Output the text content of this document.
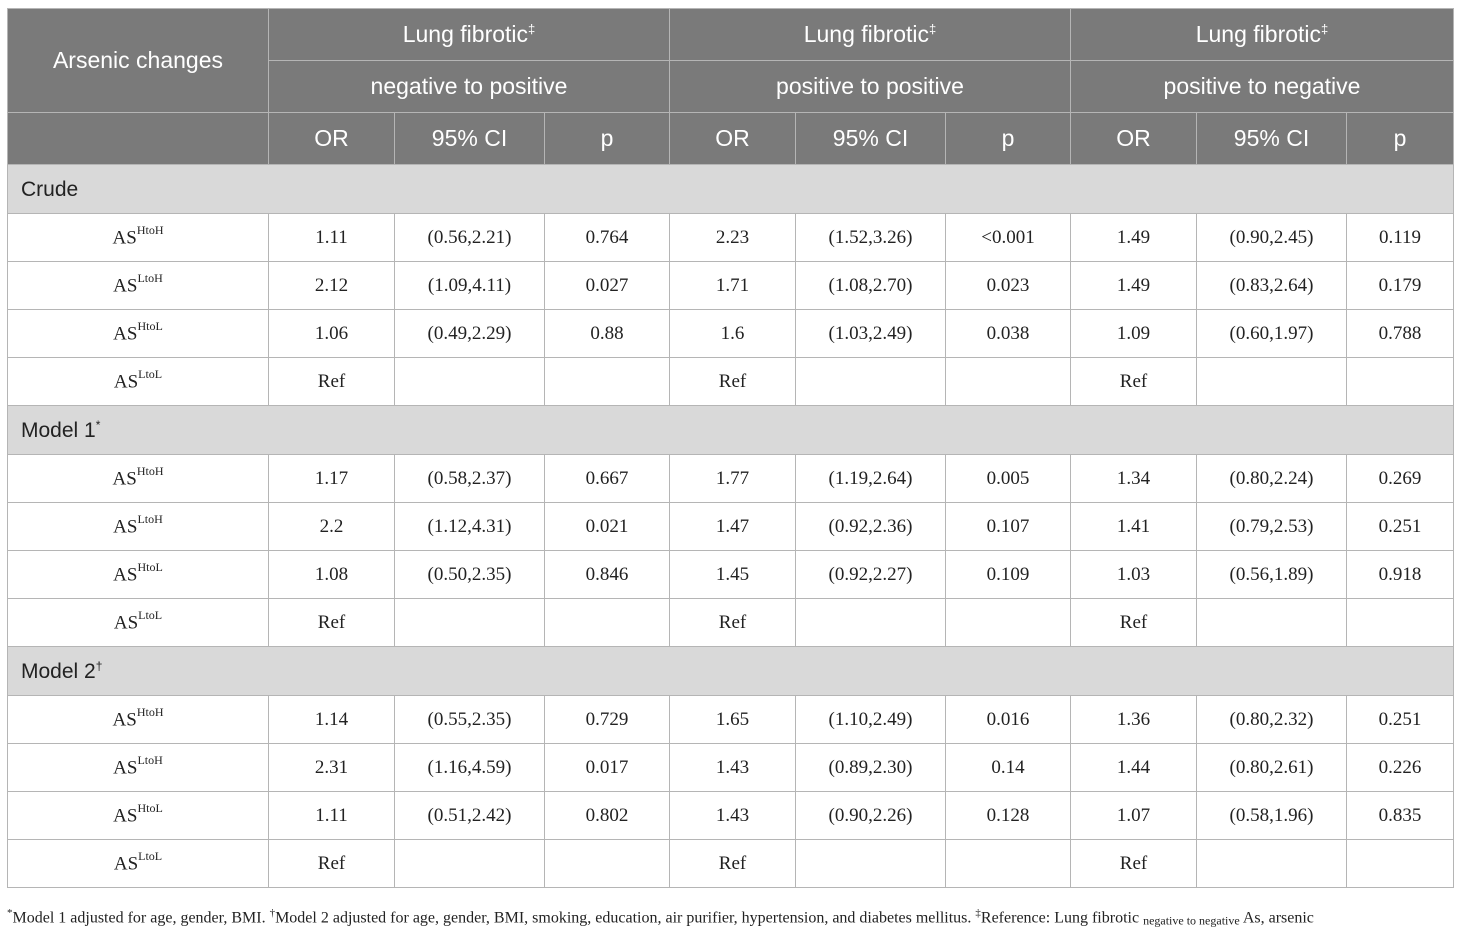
Arsenic changes	Lung fibrotic‡			Lung fibrotic‡			Lung fibrotic‡
	negative to positive			positive to positive			positive to negative		
	OR	95% CI	p	OR	95% CI	p	OR	95% CI	p
Crude									
$AS^{HtoH}$	1.11	(0.56,2.21)	0.764	2.23	(1.52,3.26)	<0.001	1.49	(0.90,2.45)	0.119
$AS^{LtoH}$	2.12	(1.09,4.11)	0.027	1.71	(1.08,2.70)	0.023	1.49	(0.83,2.64)	0.179
$AS^{HtoL}$	1.06	(0.49,2.29)	0.88	1.6	(1.03,2.49)	0.038	1.09	(0.60,1.97)	0.788
$AS^{LtoL}$	Ref			Ref			Ref		
Model 1*
$AS^{HtoH}$	1.17	(0.58,2.37)	0.667	1.77	(1.19,2.64)	0.005	1.34	(0.80,2.24)	0.269
$AS^{LtoH}$	2.2	(1.12,4.31)	0.021	1.47	(0.92,2.36)	0.107	1.41	(0.79,2.53)	0.251
$AS^{HtoL}$	1.08	(0.50,2.35)	0.846	1.45	(0.92,2.27)	0.109	1.03	(0.56,1.89)	0.918
$AS^{LtoL}$	Ref			Ref			Ref		
Model 2†
$AS^{HtoH}$	1.14	(0.55,2.35)	0.729	1.65	(1.10,2.49)	0.016	1.36	(0.80,2.32)	0.251
$AS^{LtoH}$	2.31	(1.16,4.59)	0.017	1.43	(0.89,2.30)	0.14	1.44	(0.80,2.61)	0.226
$AS^{HtoL}$	1.11	(0.51,2.42)	0.802	1.43	(0.90,2.26)	0.128	1.07	(0.58,1.96)	0.835
$AS^{LtoL}$	Ref			Ref			Ref		
*Model 1 adjusted for age, gender, BMI. †Model 2 adjusted for age, gender, BMI, smoking, education, air purifier, hypertension, and diabetes mellitus. ‡Reference: Lung fibrotic negative to negative As, arsenic
